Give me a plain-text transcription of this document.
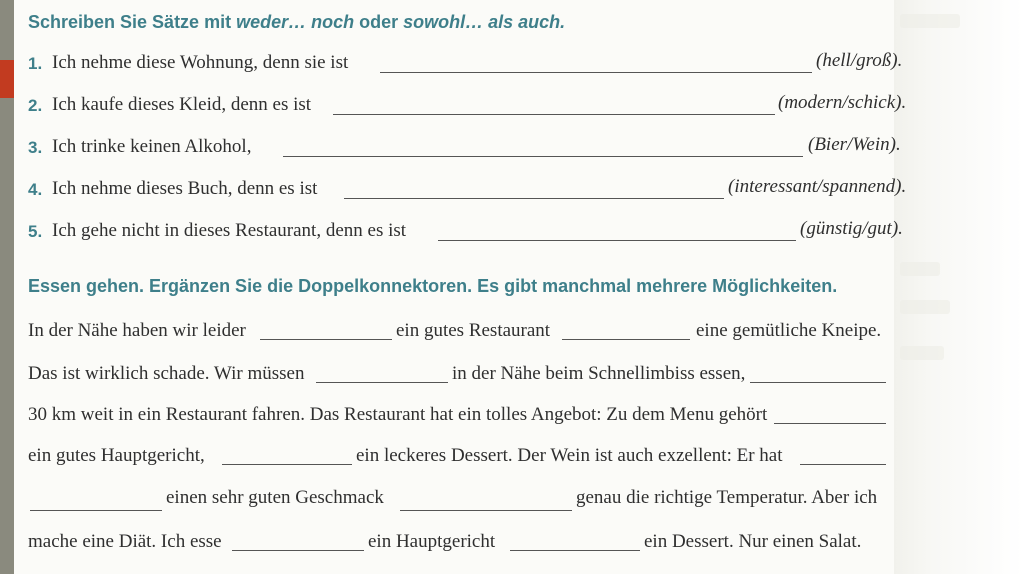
Schreiben Sie Sätze mit weder… noch oder sowohl… als auch.
1. Ich nehme diese Wohnung, denn sie ist	(hell/groß).
2. Ich kaufe dieses Kleid, denn es ist	(modern/schick).
3. Ich trinke keinen Alkohol,	(Bier/Wein).
4. Ich nehme dieses Buch, denn es ist	(interessant/spannend).
5. Ich gehe nicht in dieses Restaurant, denn es ist	(günstig/gut).
Essen gehen. Ergänzen Sie die Doppelkonnektoren. Es gibt manchmal mehrere Möglichkeiten.
In der Nähe haben wir leider	ein gutes Restaurant	eine gemütliche Kneipe.
Das ist wirklich schade. Wir müssen	in der Nähe beim Schnellimbiss essen,
30 km weit in ein Restaurant fahren. Das Restaurant hat ein tolles Angebot: Zu dem Menu gehört
ein gutes Hauptgericht,	ein leckeres Dessert. Der Wein ist auch exzellent: Er hat
einen sehr guten Geschmack	genau die richtige Temperatur. Aber ich
mache eine Diät. Ich esse	ein Hauptgericht	ein Dessert. Nur einen Salat.
